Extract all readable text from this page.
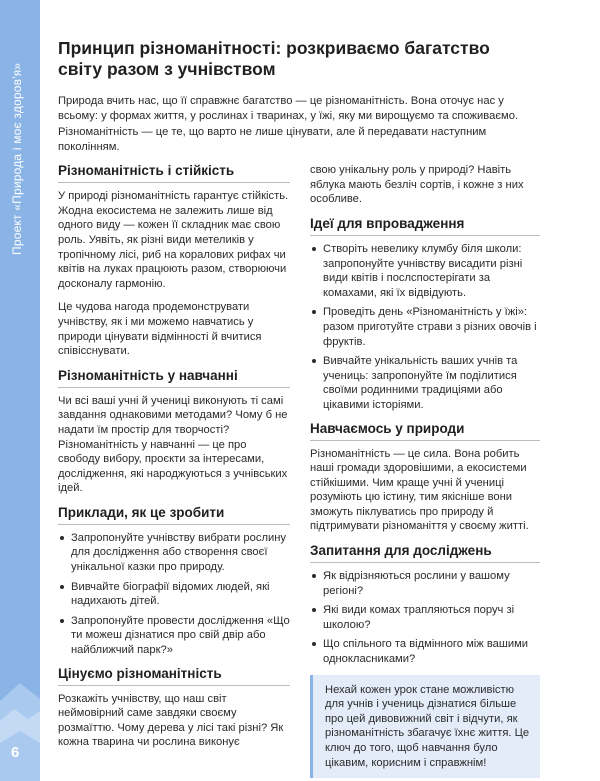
Проект «Природа і моє здоров'я»
6
Принцип різноманітності: розкриваємо багатство світу разом з учнівством

Природа вчить нас, що її справжнє багатство — це різноманітність. Вона оточує нас у всьому: у формах життя, у рослинах і тваринах, у їжі, яку ми вирощуємо та споживаємо. Різноманітність — це те, що варто не лише цінувати, але й передавати наступним поколінням.

Різноманітність і стійкість

У природі різноманітність гарантує стійкість. Жодна екосистема не залежить лише від одного виду — кожен її складник має свою роль. Уявіть, як різні види метеликів у тропічному лісі, риб на коралових рифах чи квітів на луках працюють разом, створюючи досконалу гармонію.

Це чудова нагода продемонструвати учнівству, як і ми можемо навчатись у природи цінувати відмінності й вчитися співісснувати.

Різноманітність у навчанні

Чи всі ваші учні й учениці виконують ті самі завдання однаковими методами? Чому б не надати їм простір для творчості? Різноманітність у навчанні — це про свободу вибору, проєкти за інтересами, дослідження, які народжуються з учнівських ідей.

Приклади, як це зробити
Запропонуйте учнівству вибрати рослину для дослідження або створення своєї унікальної казки про природу.
Вивчайте біографії відомих людей, які надихають дітей.
Запропонуйте провести дослідження «Що ти можеш дізнатися про свій двір або найближчий парк?»
Цінуємо різноманітність

Розкажіть учнівству, що наш світ неймовірний саме завдяки своєму розмаїттю. Чому дерева у лісі такі різні? Як кожна тварина чи рослина виконує

свою унікальну роль у природі? Навіть яблука мають безліч сортів, і кожне з них особливе.

Ідеї для впровадження
Створіть невелику клумбу біля школи: запропонуйте учнівству висадити різні види квітів і послспостерігати за комахами, які їх відвідують.
Проведіть день «Різноманітність у їжі»: разом приготуйте страви з різних овочів і фруктів.
Вивчайте унікальність ваших учнів та учениць: запропонуйте їм поділитися своїми родинними традиціями або цікавими історіями.
Навчаємось у природи

Різноманітність — це сила. Вона робить наші громади здоровішими, а екосистеми стійкішими. Чим краще учні й учениці розуміють цю істину, тим якісніше вони зможуть піклуватись про природу й підтримувати різноманіття у своєму житті.

Запитання для досліджень
Як відрізняються рослини у вашому регіоні?
Які види комах трапляються поруч зі школою?
Що спільного та відмінного між вашими однокласниками?

Нехай кожен урок стане можливістю для учнів і учениць дізнатися більше про цей дивовижний світ і відчути, як різноманітність збагачує їхнє життя. Це ключ до того, щоб навчання було цікавим, корисним і справжнім!
